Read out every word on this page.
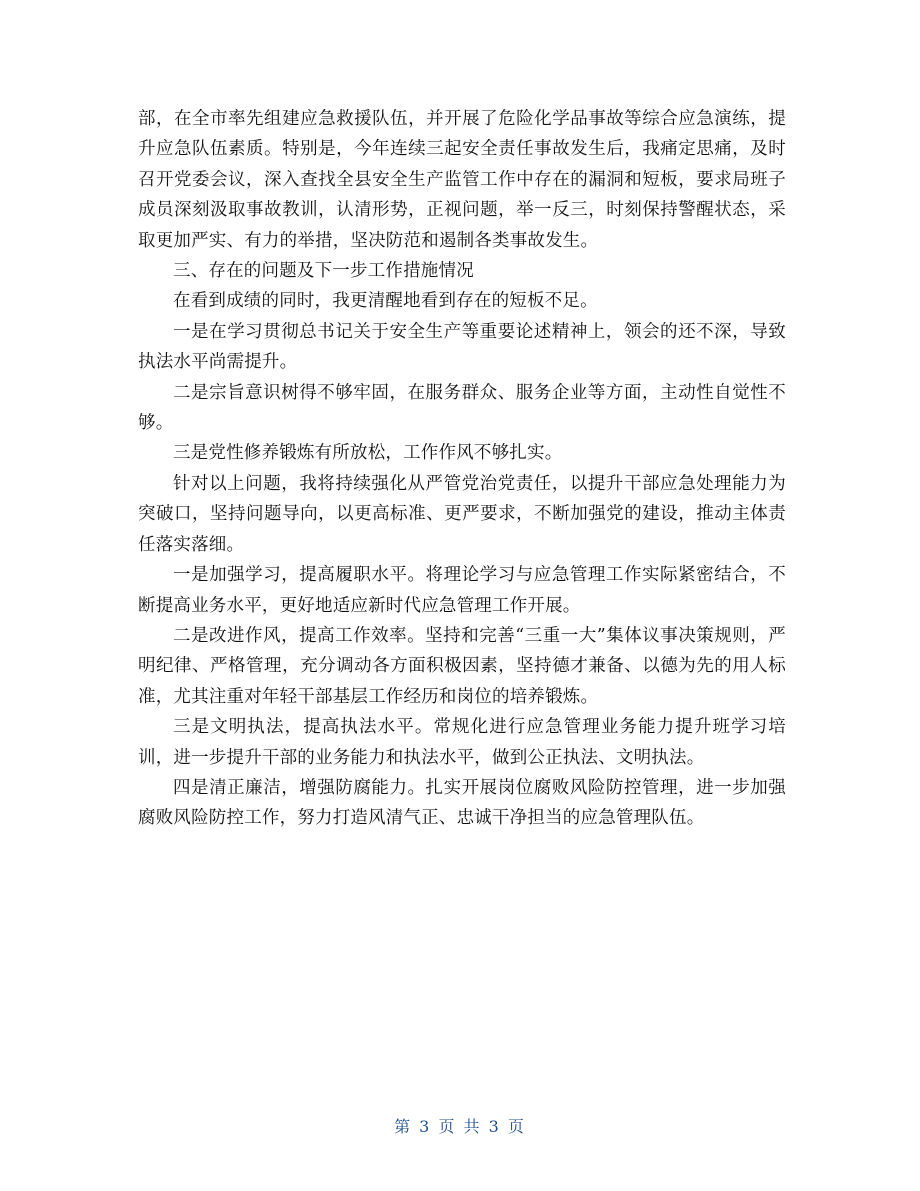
部，在全市率先组建应急救援队伍，并开展了危险化学品事故等综合应急演练，提升应急队伍素质。特别是，今年连续三起安全责任事故发生后，我痛定思痛，及时召开党委会议，深入查找全县安全生产监管工作中存在的漏洞和短板，要求局班子成员深刻汲取事故教训，认清形势，正视问题，举一反三，时刻保持警醒状态，采取更加严实、有力的举措，坚决防范和遏制各类事故发生。

三、存在的问题及下一步工作措施情况

在看到成绩的同时，我更清醒地看到存在的短板不足。

一是在学习贯彻总书记关于安全生产等重要论述精神上，领会的还不深，导致执法水平尚需提升。

二是宗旨意识树得不够牢固，在服务群众、服务企业等方面，主动性自觉性不够。

三是党性修养锻炼有所放松，工作作风不够扎实。

针对以上问题，我将持续强化从严管党治党责任，以提升干部应急处理能力为突破口，坚持问题导向，以更高标准、更严要求，不断加强党的建设，推动主体责任落实落细。

一是加强学习，提高履职水平。将理论学习与应急管理工作实际紧密结合，不断提高业务水平，更好地适应新时代应急管理工作开展。

二是改进作风，提高工作效率。坚持和完善“三重一大”集体议事决策规则，严明纪律、严格管理，充分调动各方面积极因素，坚持德才兼备、以德为先的用人标准，尤其注重对年轻干部基层工作经历和岗位的培养锻炼。

三是文明执法，提高执法水平。常规化进行应急管理业务能力提升班学习培训，进一步提升干部的业务能力和执法水平，做到公正执法、文明执法。

四是清正廉洁，增强防腐能力。扎实开展岗位腐败风险防控管理，进一步加强腐败风险防控工作，努力打造风清气正、忠诚干净担当的应急管理队伍。

第 3 页 共 3 页
